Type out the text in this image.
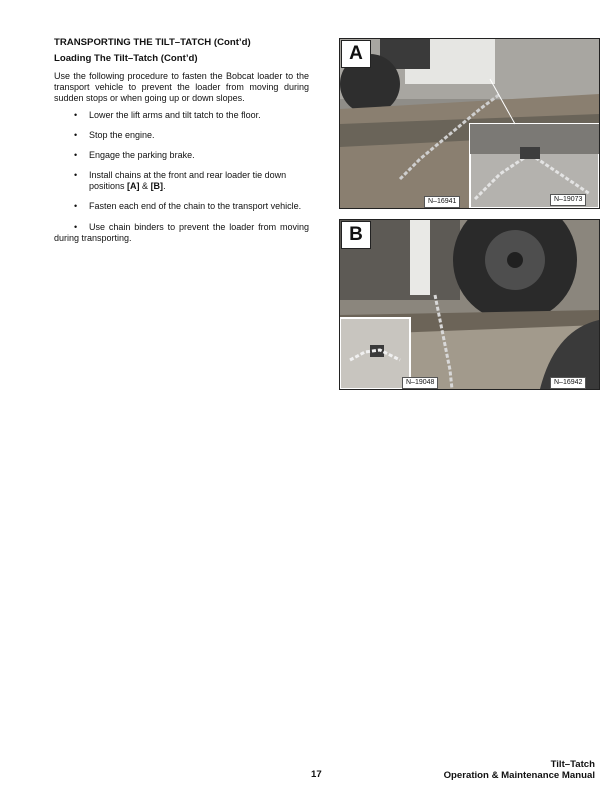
TRANSPORTING THE TILT–TATCH (Cont’d)
Loading The Tilt–Tatch (Cont’d)

Use the following procedure to fasten the Bobcat loader to the transport vehicle to prevent the loader from moving during sudden stops or when going up or down slopes.

• Lower the lift arms and tilt tatch to the floor.
• Stop the engine.
• Engage the parking brake.
• Install chains at the front and rear loader tie down positions [A] & [B].
• Fasten each end of the chain to the transport vehicle.
• Use chain binders to prevent the loader from moving during transporting.
A
N–16941	N–19073
B
N–19048	N–16942
17
Tilt–Tatch
Operation & Maintenance Manual
